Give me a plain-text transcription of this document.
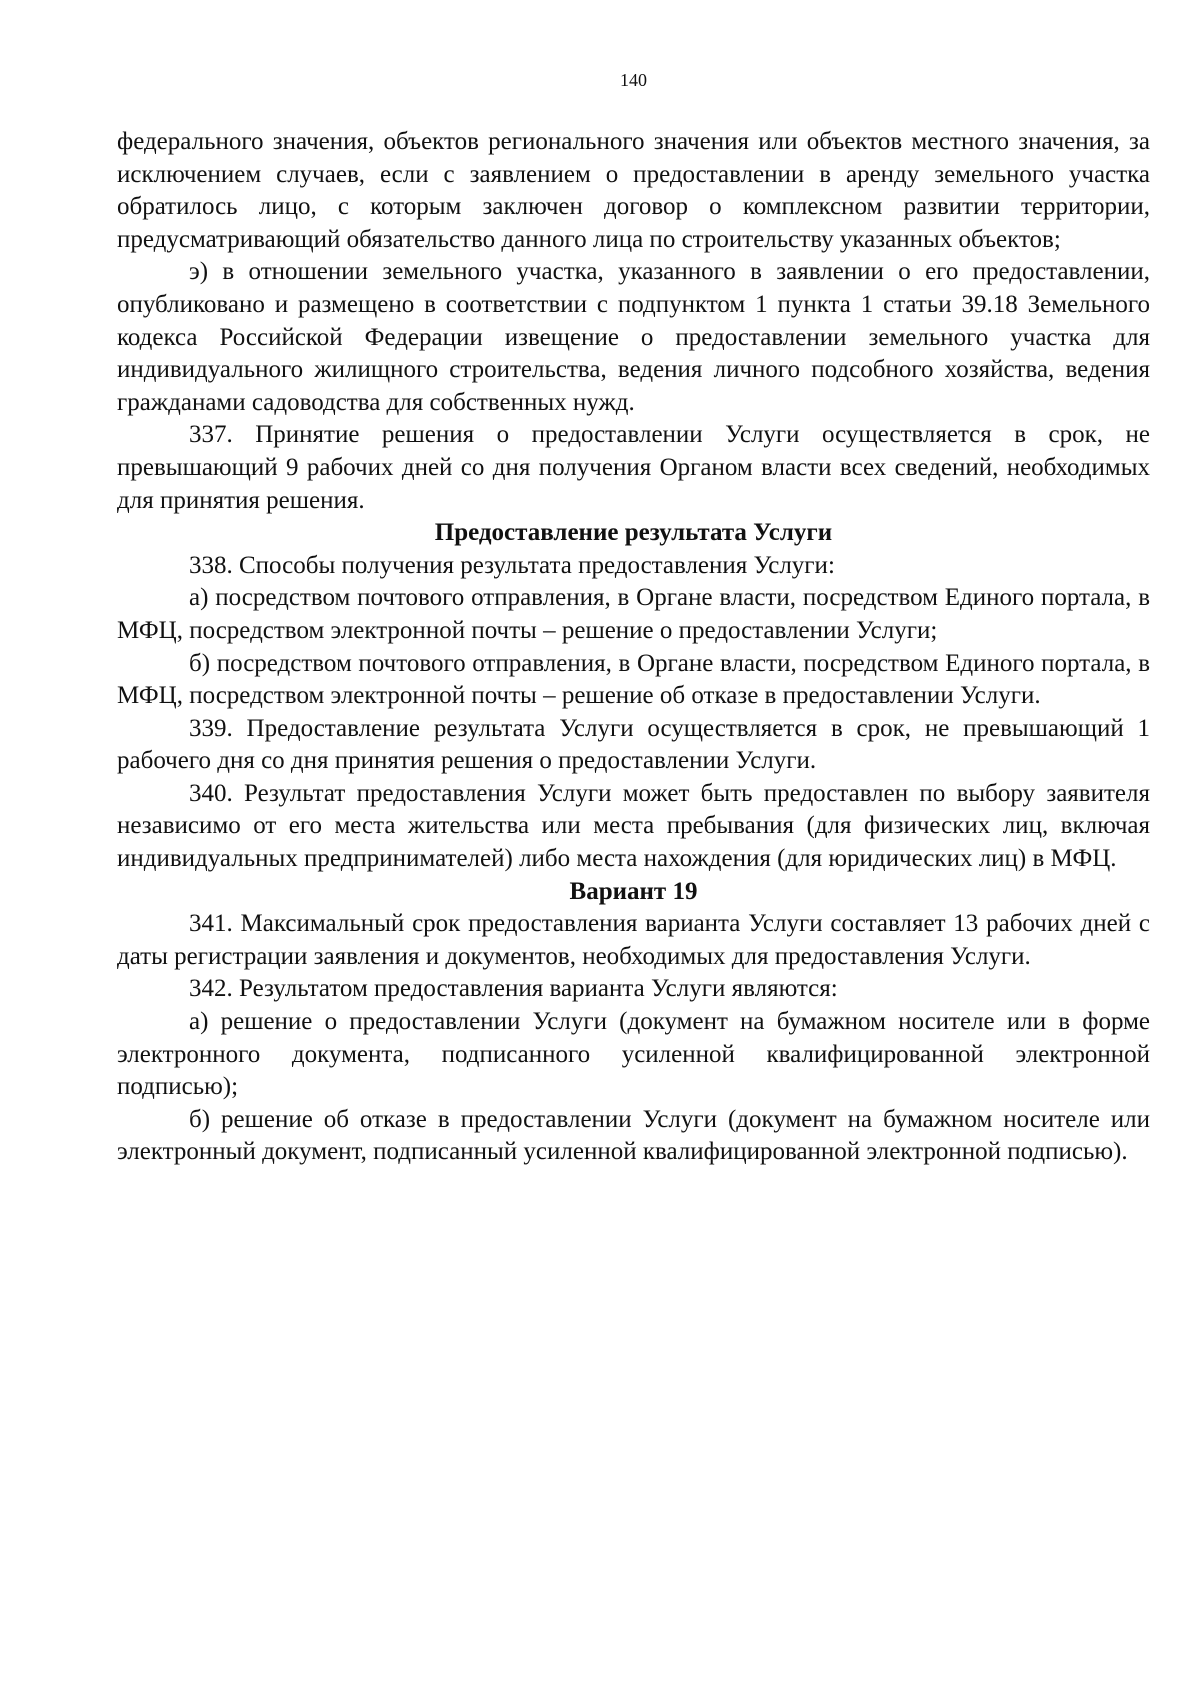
140

федерального значения, объектов регионального значения или объектов местного значения, за исключением случаев, если с заявлением о предоставлении в аренду земельного участка обратилось лицо, с которым заключен договор о комплексном развитии территории, предусматривающий обязательство данного лица по строительству указанных объектов;

э) в отношении земельного участка, указанного в заявлении о его предоставлении, опубликовано и размещено в соответствии с подпунктом 1 пункта 1 статьи 39.18 Земельного кодекса Российской Федерации извещение о предоставлении земельного участка для индивидуального жилищного строительства, ведения личного подсобного хозяйства, ведения гражданами садоводства для собственных нужд.

337. Принятие решения о предоставлении Услуги осуществляется в срок, не превышающий 9 рабочих дней со дня получения Органом власти всех сведений, необходимых для принятия решения.

Предоставление результата Услуги

338. Способы получения результата предоставления Услуги:

а) посредством почтового отправления, в Органе власти, посредством Единого портала, в МФЦ, посредством электронной почты – решение о предоставлении Услуги;

б) посредством почтового отправления, в Органе власти, посредством Единого портала, в МФЦ, посредством электронной почты – решение об отказе в предоставлении Услуги.

339. Предоставление результата Услуги осуществляется в срок, не превышающий 1 рабочего дня со дня принятия решения о предоставлении Услуги.

340. Результат предоставления Услуги может быть предоставлен по выбору заявителя независимо от его места жительства или места пребывания (для физических лиц, включая индивидуальных предпринимателей) либо места нахождения (для юридических лиц) в МФЦ.

Вариант 19

341. Максимальный срок предоставления варианта Услуги составляет 13 рабочих дней с даты регистрации заявления и документов, необходимых для предоставления Услуги.

342. Результатом предоставления варианта Услуги являются:

а) решение о предоставлении Услуги (документ на бумажном носителе или в форме электронного документа, подписанного усиленной квалифицированной электронной подписью);

б) решение об отказе в предоставлении Услуги (документ на бумажном носителе или электронный документ, подписанный усиленной квалифицированной электронной подписью).
